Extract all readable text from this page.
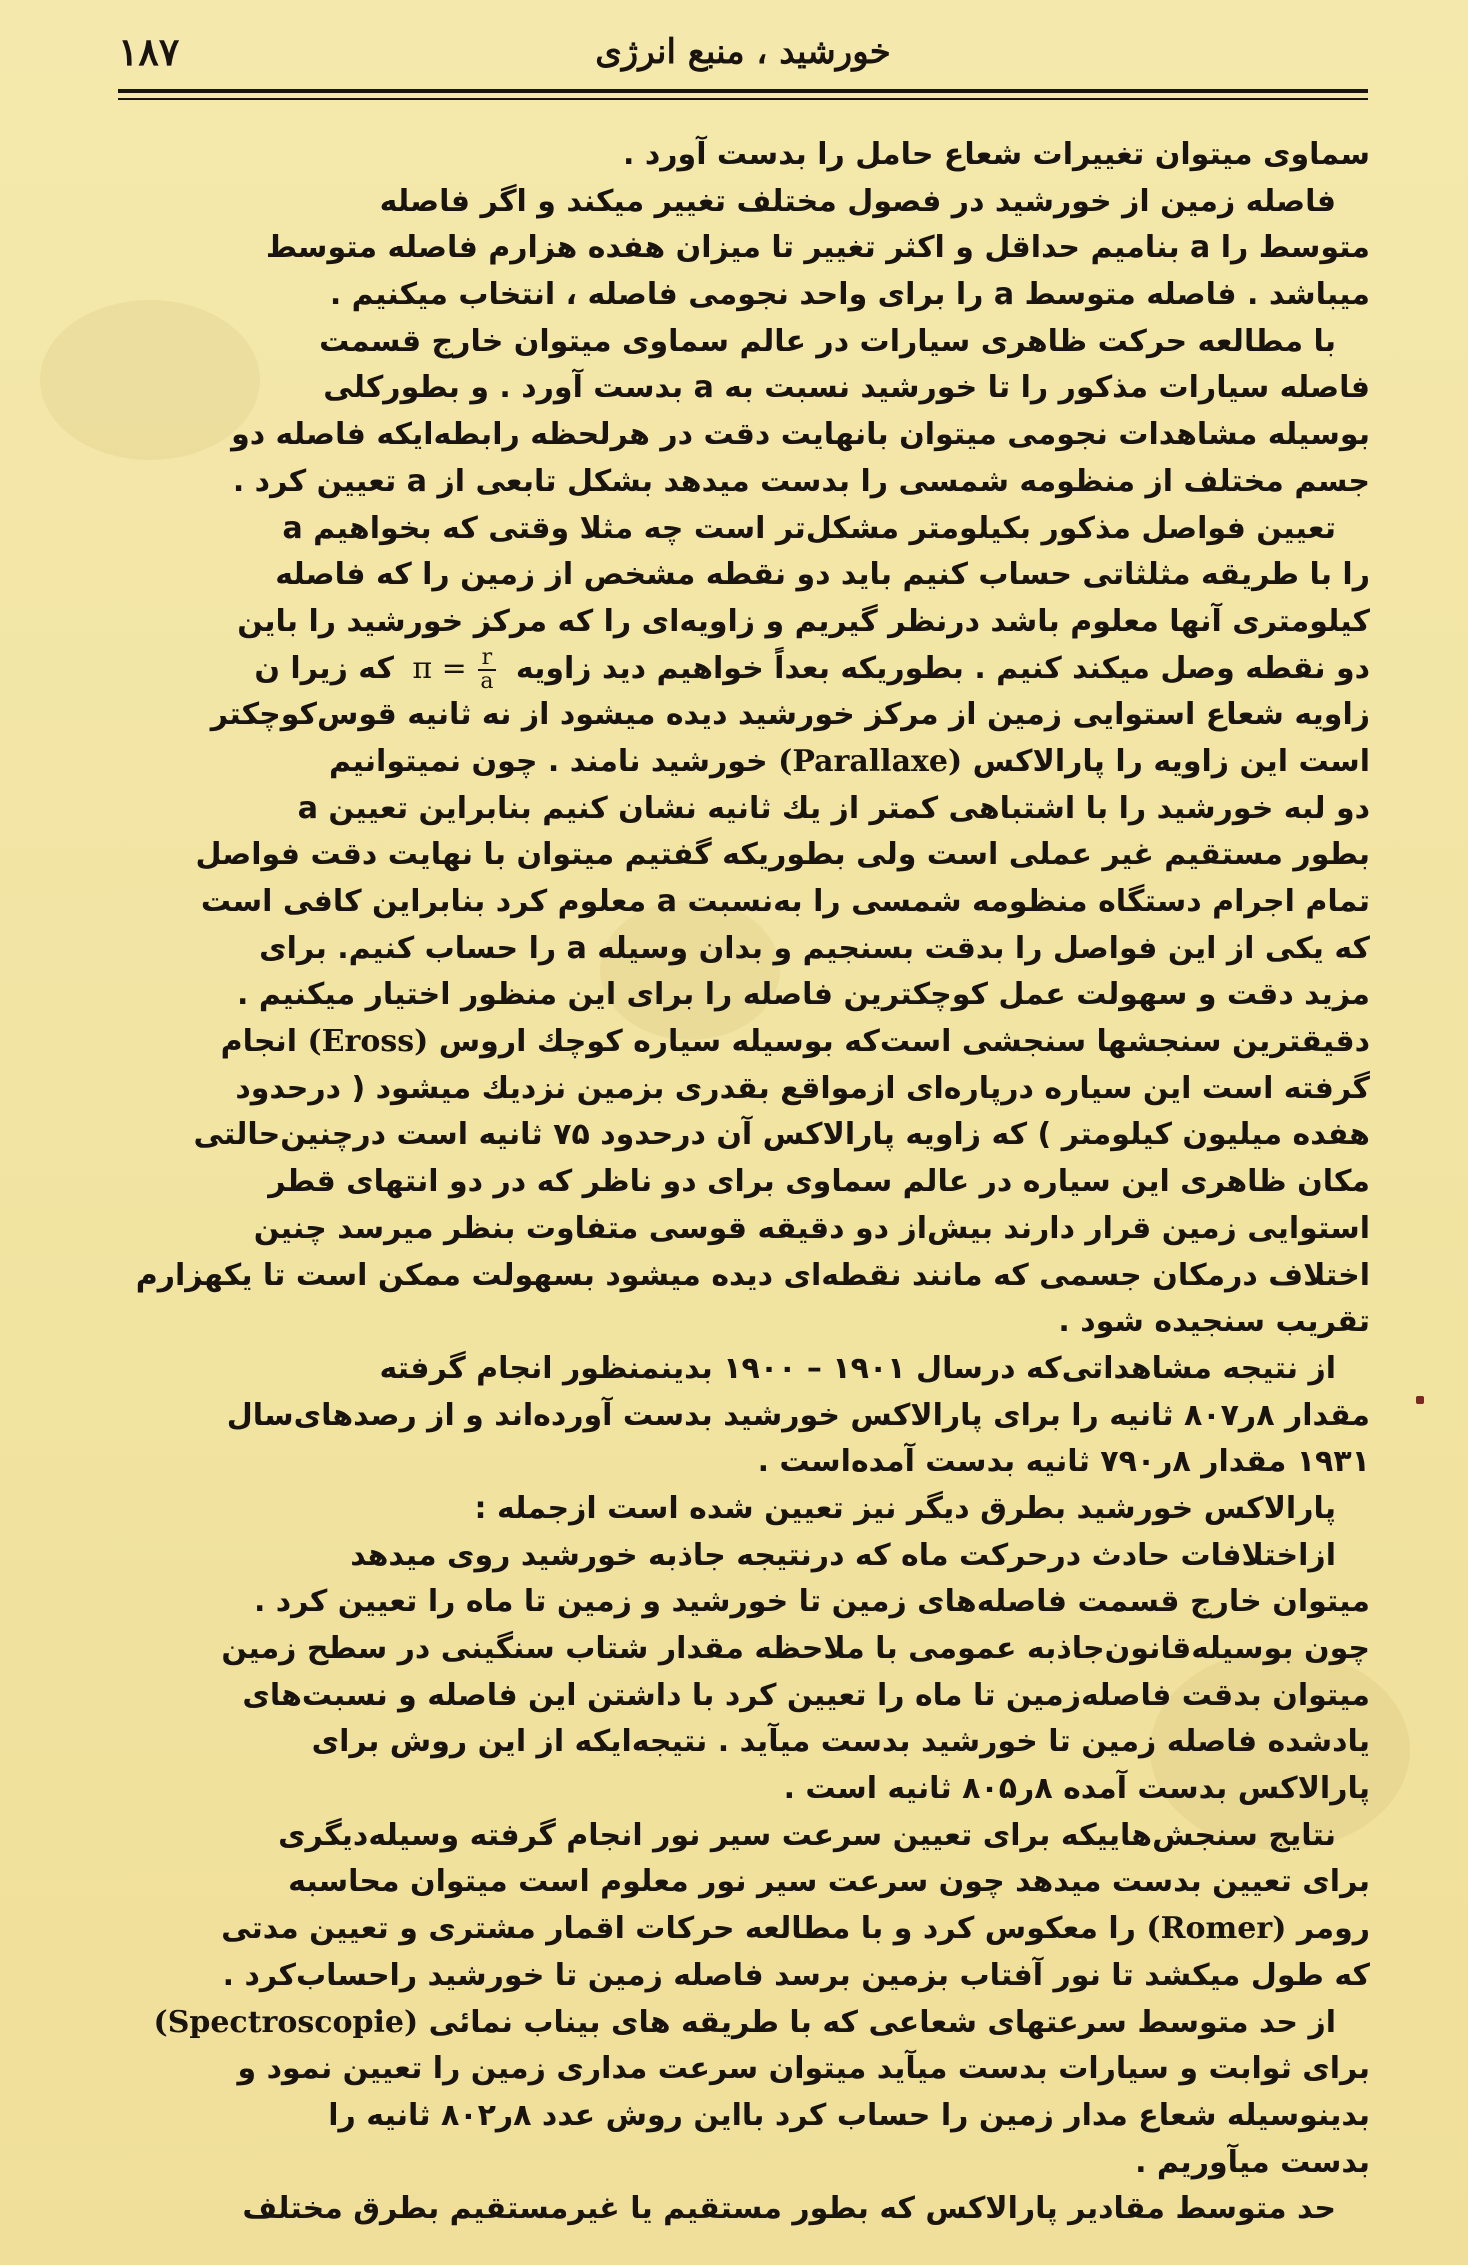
۱۸۷	خورشید ، منبع انرژی
سماوی میتوان تغییرات شعاع حامل را بدست آورد .
فاصله زمین از خورشید در فصول مختلف تغییر میکند و اگر فاصله
متوسط را a بنامیم حداقل و اکثر تغییر تا میزان هفده هزارم فاصله متوسط
میباشد . فاصله متوسط a را برای واحد نجومی فاصله ، انتخاب میکنیم .
با مطالعه حرکت ظاهری سیارات در عالم سماوی میتوان خارج قسمت
فاصله سیارات مذکور را تا خورشید نسبت به a بدست آورد . و بطورکلی
بوسیله مشاهدات نجومی میتوان بانهایت دقت در هرلحظه رابطه‌ایکه فاصله دو
جسم مختلف از منظومه شمسی را بدست میدهد بشکل تابعی از a تعیین کرد .
تعیین فواصل مذکور بکیلومتر مشکل‌تر است چه مثلا وقتی که بخواهیم a
را با طریقه مثلثاتی حساب کنیم باید دو نقطه مشخص از زمین را که فاصله
کیلومتری آنها معلوم باشد درنظر گیریم و زاویه‌ای را که مرکز خورشید را باین
دو نقطه وصل میکند کنیم . بطوریکه بعداً خواهیم دید زاویه $\pi = \frac{r}{a}$
که زیرا ن
زاویه شعاع استوایی زمین از مرکز خورشید دیده میشود از نه ثانیه قوس‌کوچکتر
است این زاویه را پارالاکس (Parallaxe) خورشید نامند . چون نمیتوانیم
دو لبه خورشید را با اشتباهی کمتر از یك ثانیه نشان کنیم بنابراین تعیین a
بطور مستقیم غیر عملی است ولی بطوریکه گفتیم میتوان با نهایت دقت فواصل
تمام اجرام دستگاه منظومه شمسی را به‌نسبت a معلوم کرد بنابراین کافی است
که یکی از این فواصل را بدقت بسنجیم و بدان وسیله a را حساب کنیم. برای
مزید دقت و سهولت عمل کوچکترین فاصله را برای این منظور اختیار میکنیم .
دقیقترین سنجشها سنجشی است‌که بوسیله سیاره کوچك اروس (Eross) انجام
گرفته است این سیاره درپاره‌ای ازمواقع بقدری بزمین نزدیك میشود ( درحدود
هفده میلیون کیلومتر ) که زاویه پارالاکس آن درحدود ۷۵ ثانیه است درچنین‌حالتی
مکان ظاهری این سیاره در عالم سماوی برای دو ناظر که در دو انتهای قطر
استوایی زمین قرار دارند بیش‌از دو دقیقه قوسی متفاوت بنظر میرسد چنین
اختلاف درمکان جسمی که مانند نقطه‌ای دیده میشود بسهولت ممکن است تا یکهزارم
تقریب سنجیده شود .
از نتیجه مشاهداتی‌که درسال ۱۹۰۱ – ۱۹۰۰ بدینمنظور انجام گرفته
مقدار ۸ر۸۰۷ ثانیه را برای پارالاکس خورشید بدست آورده‌اند و از رصدهای‌سال
۱۹۳۱ مقدار ۸ر۷۹۰ ثانیه بدست آمده‌است .
پارالاکس خورشید بطرق دیگر نیز تعیین شده است ازجمله :
ازاختلافات حادث درحرکت ماه که درنتیجه جاذبه خورشید روی میدهد
میتوان خارج قسمت فاصله‌های زمین تا خورشید و زمین تا ماه را تعیین کرد .
چون بوسیله‌قانون‌جاذبه عمومی با ملاحظه مقدار شتاب سنگینی در سطح زمین
میتوان بدقت فاصله‌زمین تا ماه را تعیین کرد با داشتن این فاصله و نسبت‌های
یادشده فاصله زمین تا خورشید بدست میآید . نتیجه‌ایکه از این روش برای
پارالاکس بدست آمده ۸ر۸۰۵ ثانیه است .
نتایج سنجش‌هاییکه برای تعیین سرعت سیر نور انجام گرفته وسیله‌دیگری
برای تعیین بدست میدهد چون سرعت سیر نور معلوم است میتوان محاسبه
رومر (Romer) را معکوس کرد و با مطالعه حرکات اقمار مشتری و تعیین مدتی
که طول میکشد تا نور آفتاب بزمین برسد فاصله زمین تا خورشید راحساب‌کرد .
از حد متوسط سرعتهای شعاعی که با طریقه های بیناب نمائی (Spectroscopie)
برای ثوابت و سیارات بدست میآید میتوان سرعت مداری زمین را تعیین نمود و
بدینوسیله شعاع مدار زمین را حساب کرد بااین روش عدد ۸ر۸۰۲ ثانیه را
بدست میآوریم .
حد متوسط مقادیر پارالاکس که بطور مستقیم یا غیرمستقیم بطرق مختلف
